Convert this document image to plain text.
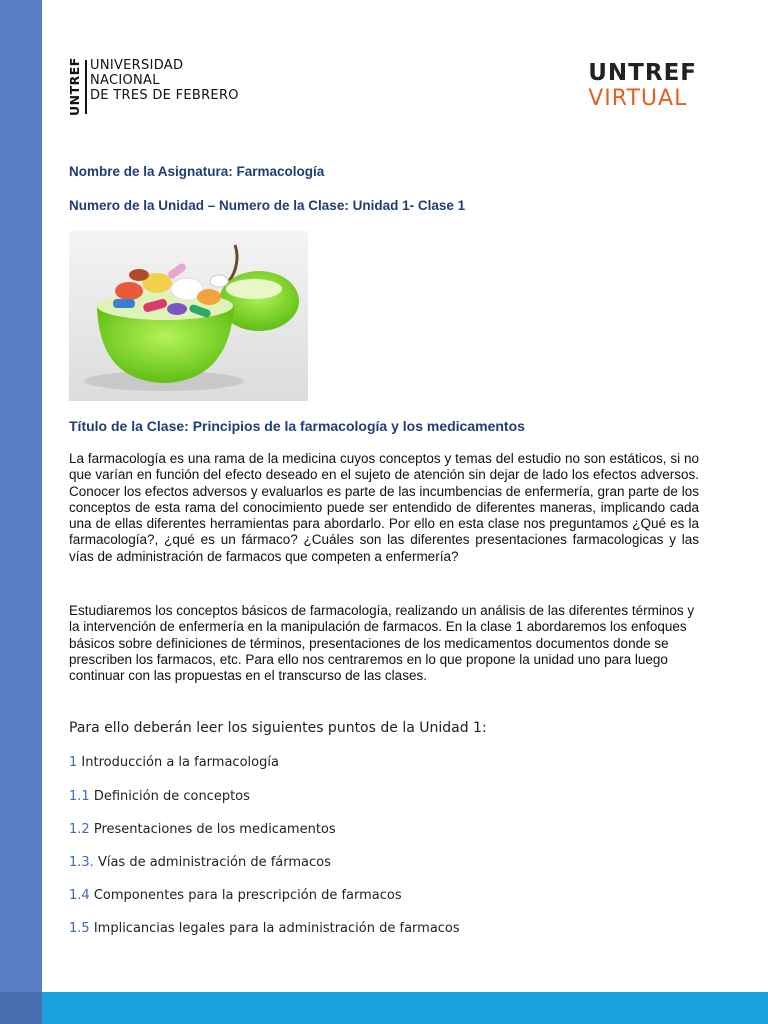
UNTREF UNIVERSIDAD
NACIONAL
DE TRES DE FEBRERO
UNTREF
VIRTUAL
Nombre de la Asignatura: Farmacología
Numero de la Unidad – Numero de la Clase: Unidad 1- Clase 1
Título de la Clase: Principios de la farmacología y los medicamentos

La farmacología es una rama de la medicina cuyos conceptos y temas del estudio no son estáticos, si no que varían en función del efecto deseado en el sujeto de atención sin dejar de lado los efectos adversos. Conocer los efectos adversos y evaluarlos es parte de las incumbencias de enfermería, gran parte de los conceptos de esta rama del conocimiento puede ser entendido de diferentes maneras, implicando cada una de ellas diferentes herramientas para abordarlo. Por ello en esta clase nos preguntamos ¿Qué es la farmacología?, ¿qué es un fármaco? ¿Cuáles son las diferentes presentaciones farmacologicas y las vías de administración de farmacos que competen a enfermería?

Estudiaremos los conceptos básicos de farmacología, realizando un análisis de las diferentes términos y la intervención de enfermería en la manipulación de farmacos. En la clase 1 abordaremos los enfoques básicos sobre definiciones de términos, presentaciones de los medicamentos documentos donde se prescriben los farmacos, etc. Para ello nos centraremos en lo que propone la unidad uno para luego continuar con las propuestas en el transcurso de las clases.

Para ello deberán leer los siguientes puntos de la Unidad 1:
1 Introducción a la farmacología
1.1 Definición de conceptos
1.2 Presentaciones de los medicamentos
1.3. Vías de administración de fármacos
1.4 Componentes para la prescripción de farmacos
1.5 Implicancias legales para la administración de farmacos
